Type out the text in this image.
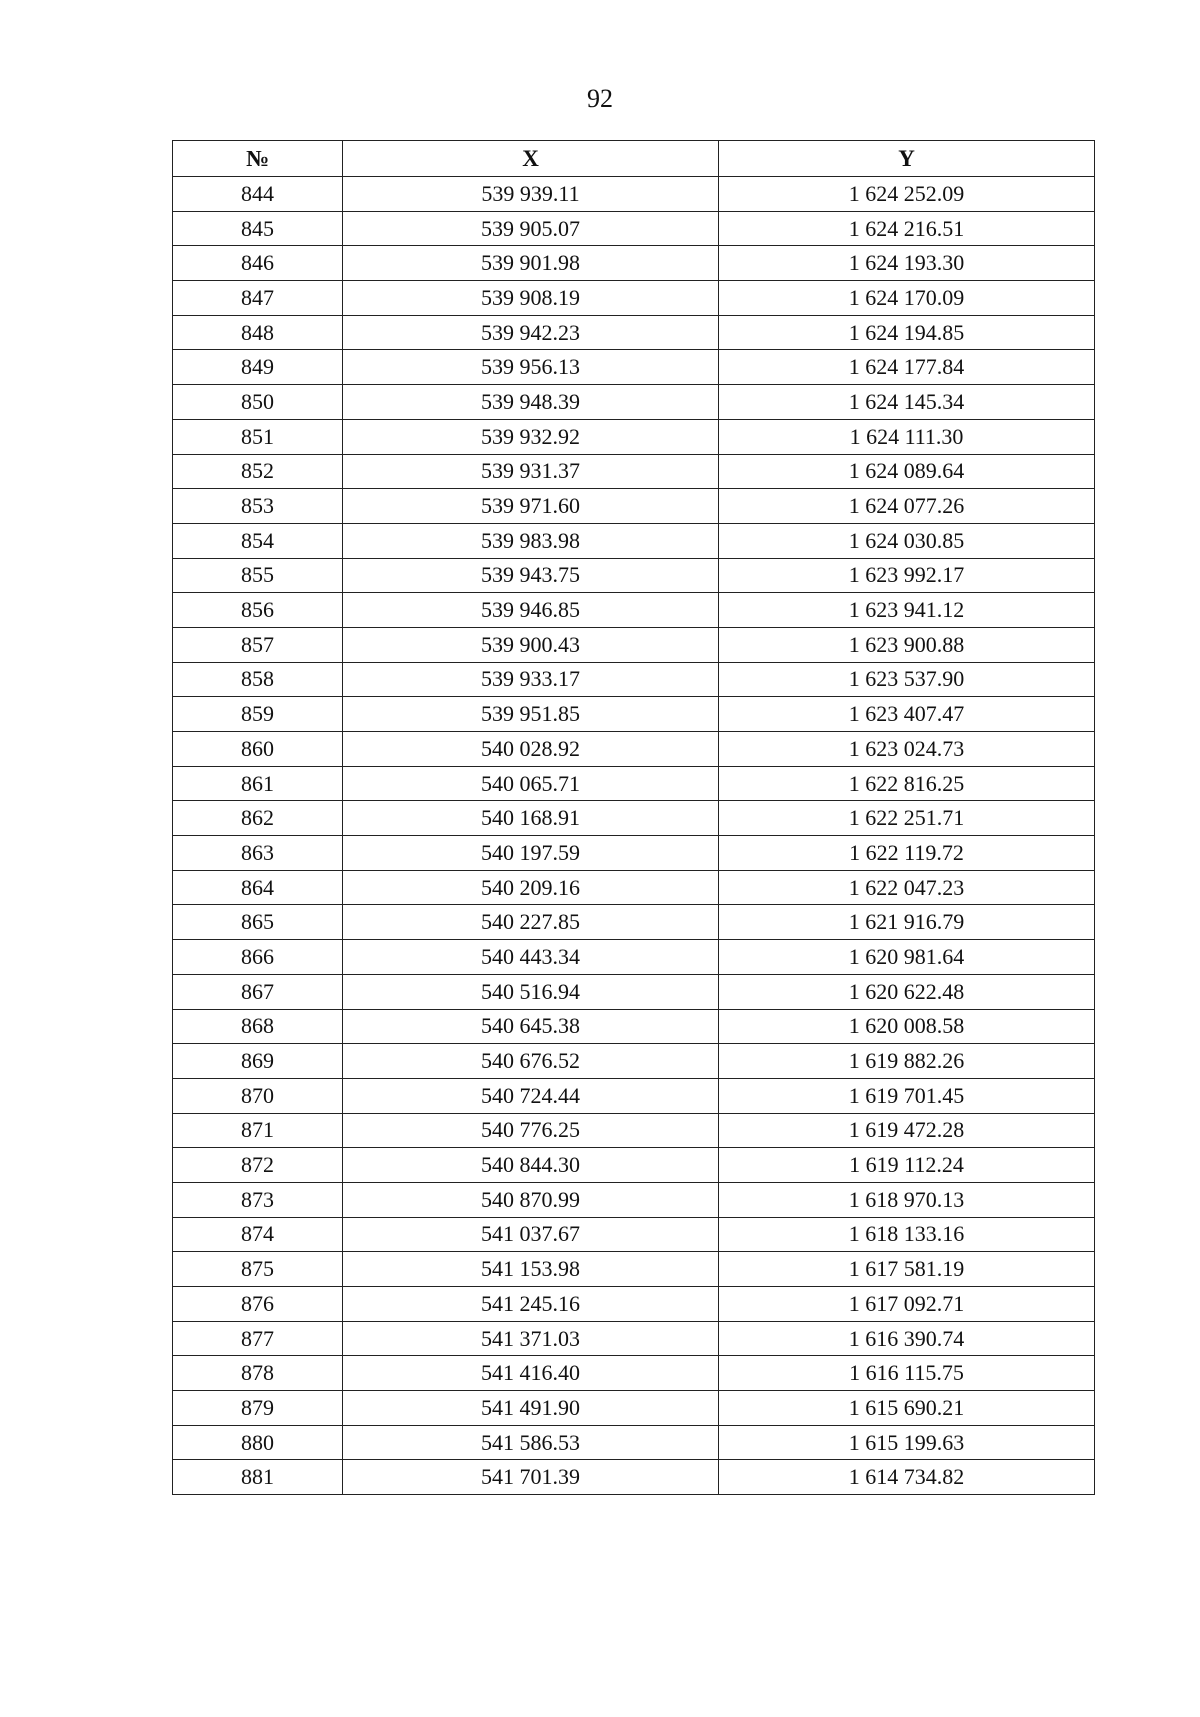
92
№	X	Y
844	539 939.11	1 624 252.09
845	539 905.07	1 624 216.51
846	539 901.98	1 624 193.30
847	539 908.19	1 624 170.09
848	539 942.23	1 624 194.85
849	539 956.13	1 624 177.84
850	539 948.39	1 624 145.34
851	539 932.92	1 624 111.30
852	539 931.37	1 624 089.64
853	539 971.60	1 624 077.26
854	539 983.98	1 624 030.85
855	539 943.75	1 623 992.17
856	539 946.85	1 623 941.12
857	539 900.43	1 623 900.88
858	539 933.17	1 623 537.90
859	539 951.85	1 623 407.47
860	540 028.92	1 623 024.73
861	540 065.71	1 622 816.25
862	540 168.91	1 622 251.71
863	540 197.59	1 622 119.72
864	540 209.16	1 622 047.23
865	540 227.85	1 621 916.79
866	540 443.34	1 620 981.64
867	540 516.94	1 620 622.48
868	540 645.38	1 620 008.58
869	540 676.52	1 619 882.26
870	540 724.44	1 619 701.45
871	540 776.25	1 619 472.28
872	540 844.30	1 619 112.24
873	540 870.99	1 618 970.13
874	541 037.67	1 618 133.16
875	541 153.98	1 617 581.19
876	541 245.16	1 617 092.71
877	541 371.03	1 616 390.74
878	541 416.40	1 616 115.75
879	541 491.90	1 615 690.21
880	541 586.53	1 615 199.63
881	541 701.39	1 614 734.82
